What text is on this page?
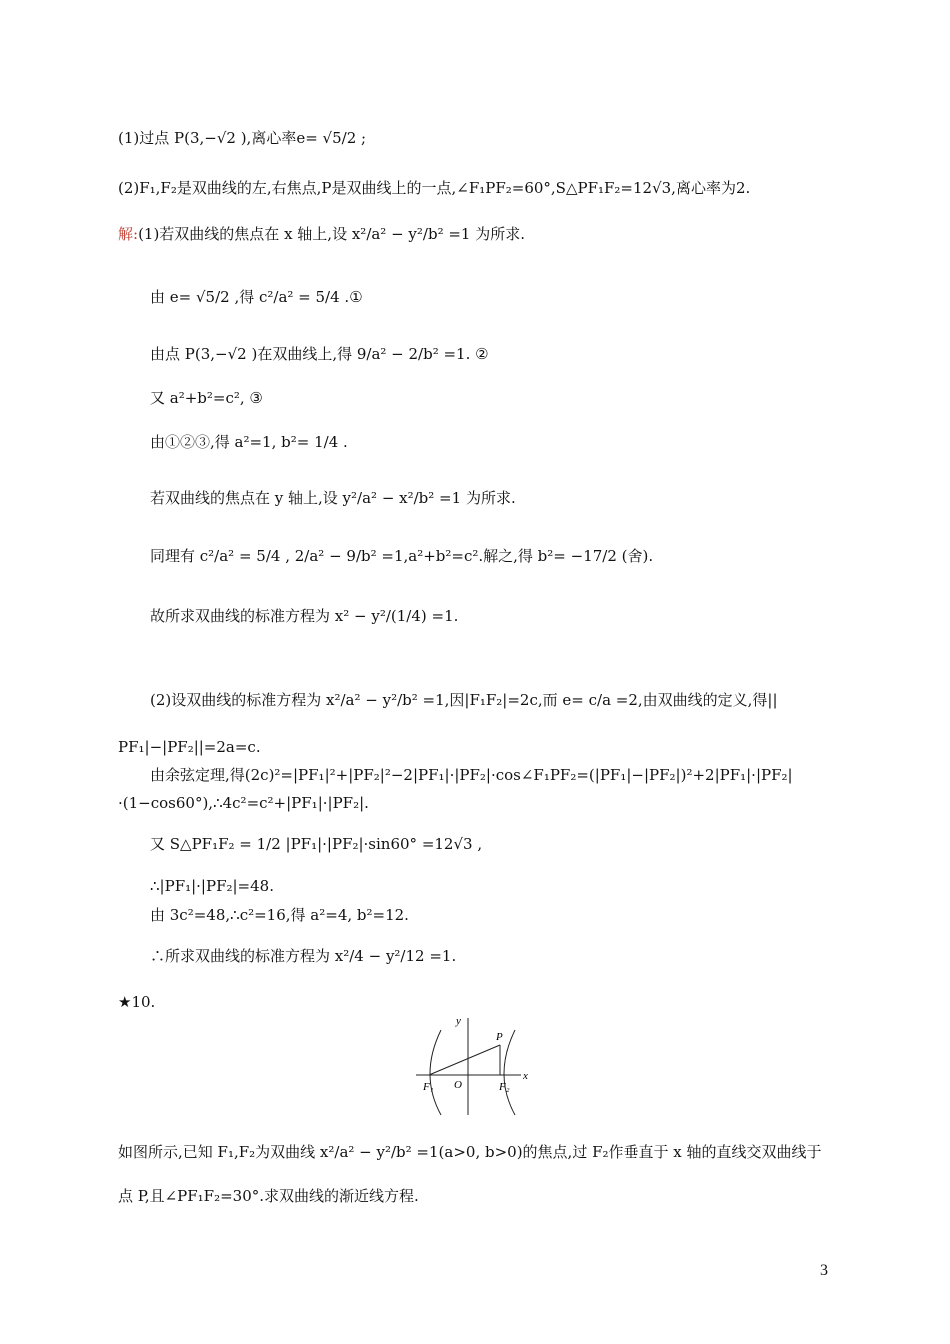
(1)过点 P(3,−√2 ),离心率e= √5/2 ;
(2)F₁,F₂是双曲线的左,右焦点,P是双曲线上的一点,∠F₁PF₂=60°,S△PF₁F₂=12√3,离心率为2.
解:(1)若双曲线的焦点在 x 轴上,设 x²/a² − y²/b² =1 为所求.
由 e= √5/2 ,得 c²/a² = 5/4 .①
由点 P(3,−√2 )在双曲线上,得 9/a² − 2/b² =1. ②
又 a²+b²=c², ③
由①②③,得 a²=1, b²= 1/4 .
若双曲线的焦点在 y 轴上,设 y²/a² − x²/b² =1 为所求.
同理有 c²/a² = 5/4 , 2/a² − 9/b² =1,a²+b²=c².解之,得 b²= −17/2 (舍).
故所求双曲线的标准方程为 x² − y²/(1/4) =1.
(2)设双曲线的标准方程为 x²/a² − y²/b² =1,因|F₁F₂|=2c,而 e= c/a =2,由双曲线的定义,得||
PF₁|−|PF₂||=2a=c.
由余弦定理,得(2c)²=|PF₁|²+|PF₂|²−2|PF₁|·|PF₂|·cos∠F₁PF₂=(|PF₁|−|PF₂|)²+2|PF₁|·|PF₂|
·(1−cos60°),∴4c²=c²+|PF₁|·|PF₂|.
又 S△PF₁F₂ = 1/2 |PF₁|·|PF₂|·sin60° =12√3 ,
∴|PF₁|·|PF₂|=48.
由 3c²=48,∴c²=16,得 a²=4, b²=12.
∴所求双曲线的标准方程为 x²/4 − y²/12 =1.
★10.
y
x
O
P
F₁	F₂
如图所示,已知 F₁,F₂为双曲线 x²/a² − y²/b² =1(a>0, b>0)的焦点,过 F₂作垂直于 x 轴的直线交双曲线于
点 P,且∠PF₁F₂=30°.求双曲线的渐近线方程.
3
